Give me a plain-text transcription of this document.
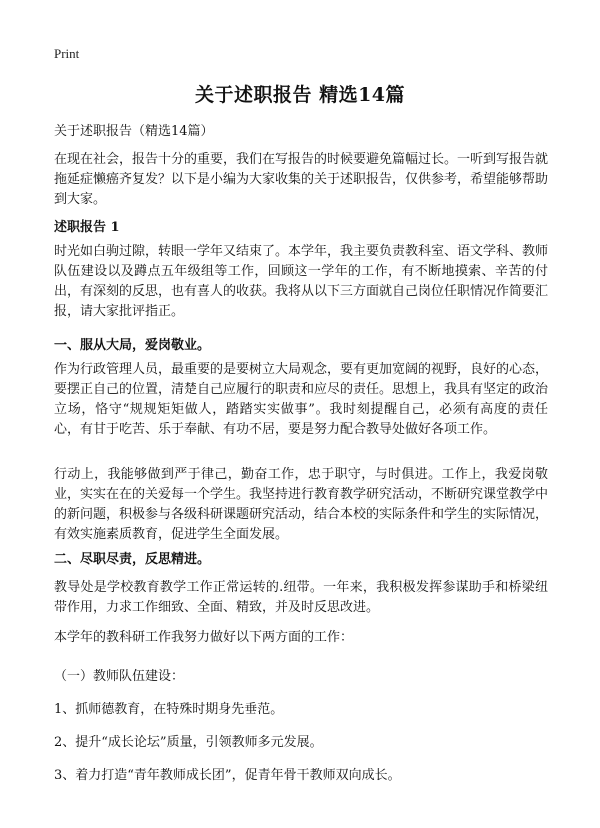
Print
关于述职报告 精选14篇
关于述职报告（精选14篇）

在现在社会，报告十分的重要，我们在写报告的时候要避免篇幅过长。一听到写报告就拖延症懒癌齐复发？以下是小编为大家收集的关于述职报告，仅供参考，希望能够帮助到大家。

述职报告 1

时光如白驹过隙，转眼一学年又结束了。本学年，我主要负责教科室、语文学科、教师队伍建设以及蹲点五年级组等工作，回顾这一学年的工作，有不断地摸索、辛苦的付出，有深刻的反思，也有喜人的收获。我将从以下三方面就自己岗位任职情况作简要汇报，请大家批评指正。

一、服从大局，爱岗敬业。

作为行政管理人员，最重要的是要树立大局观念，要有更加宽阔的视野，良好的心态，要摆正自己的位置，清楚自己应履行的职责和应尽的责任。思想上，我具有坚定的政治立场，恪守“规规矩矩做人，踏踏实实做事”。我时刻提醒自己，必须有高度的责任心，有甘于吃苦、乐于奉献、有功不居，要是努力配合教导处做好各项工作。

行动上，我能够做到严于律己，勤奋工作，忠于职守，与时俱进。工作上，我爱岗敬业，实实在在的关爱每一个学生。我坚持进行教育教学研究活动，不断研究课堂教学中的新问题，积极参与各级科研课题研究活动，结合本校的实际条件和学生的实际情况，有效实施素质教育，促进学生全面发展。

二、尽职尽责，反思精进。

教导处是学校教育教学工作正常运转的.纽带。一年来，我积极发挥参谋助手和桥梁纽带作用，力求工作细致、全面、精致，并及时反思改进。

本学年的教科研工作我努力做好以下两方面的工作：

（一）教师队伍建设：
1、抓师德教育，在特殊时期身先垂范。
2、提升“成长论坛”质量，引领教师多元发展。
3、着力打造“青年教师成长团”，促青年骨干教师双向成长。
